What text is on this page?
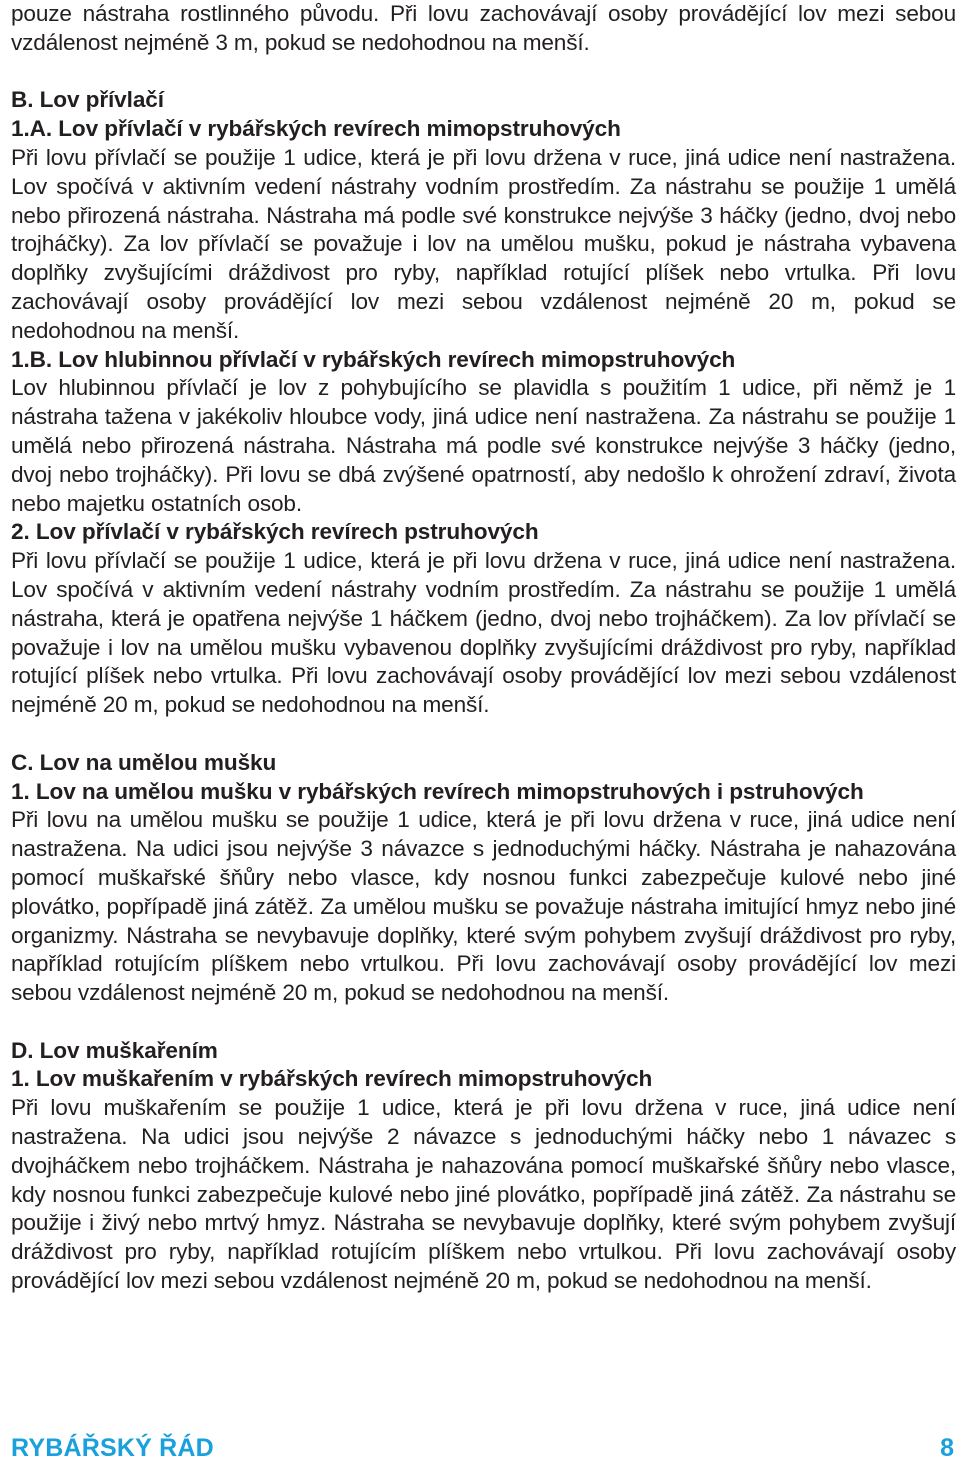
pouze nástraha rostlinného původu. Při lovu zachovávají osoby provádějící lov mezi sebou vzdálenost nejméně 3 m, pokud se nedohodnou na menší.

B. Lov přívlačí

1.A. Lov přívlačí v rybářských revírech mimopstruhových

Při lovu přívlačí se použije 1 udice, která je při lovu držena v ruce, jiná udice není nastražena. Lov spočívá v aktivním vedení nástrahy vodním prostředím. Za nástrahu se použije 1 umělá nebo přirozená nástraha. Nástraha má podle své konstrukce nejvýše 3 háčky (jedno, dvoj nebo trojháčky). Za lov přívlačí se považuje i lov na umělou mušku, pokud je nástraha vybavena doplňky zvyšujícími dráždivost pro ryby, například rotující plíšek nebo vrtulka. Při lovu zachovávají osoby provádějící lov mezi sebou vzdálenost nejméně 20 m, pokud se nedohodnou na menší.

1.B. Lov hlubinnou přívlačí v rybářských revírech mimopstruhových

Lov hlubinnou přívlačí je lov z pohybujícího se plavidla s použitím 1 udice, při němž je 1 nástraha tažena v jakékoliv hloubce vody, jiná udice není nastražena. Za nástrahu se použije 1 umělá nebo přirozená nástraha. Nástraha má podle své konstrukce nejvýše 3 háčky (jedno, dvoj nebo trojháčky). Při lovu se dbá zvýšené opatrností, aby nedošlo k ohrožení zdraví, života nebo majetku ostatních osob.

2. Lov přívlačí v rybářských revírech pstruhových

Při lovu přívlačí se použije 1 udice, která je při lovu držena v ruce, jiná udice není nastražena. Lov spočívá v aktivním vedení nástrahy vodním prostředím. Za nástrahu se použije 1 umělá nástraha, která je opatřena nejvýše 1 háčkem (jedno, dvoj nebo trojháčkem). Za lov přívlačí se považuje i lov na umělou mušku vybavenou doplňky zvyšujícími dráždivost pro ryby, například rotující plíšek nebo vrtulka. Při lovu zachovávají osoby provádějící lov mezi sebou vzdálenost nejméně 20 m, pokud se nedohodnou na menší.

C. Lov na umělou mušku

1. Lov na umělou mušku v rybářských revírech mimopstruhových i pstruhových

Při lovu na umělou mušku se použije 1 udice, která je při lovu držena v ruce, jiná udice není nastražena. Na udici jsou nejvýše 3 návazce s jednoduchými háčky. Nástraha je nahazována pomocí muškařské šňůry nebo vlasce, kdy nosnou funkci zabezpečuje kulové nebo jiné plovátko, popřípadě jiná zátěž. Za umělou mušku se považuje nástraha imitující hmyz nebo jiné organizmy. Nástraha se nevybavuje doplňky, které svým pohybem zvyšují dráždivost pro ryby, například rotujícím plíškem nebo vrtulkou. Při lovu zachovávají osoby provádějící lov mezi sebou vzdálenost nejméně 20 m, pokud se nedohodnou na menší.

D. Lov muškařením

1. Lov muškařením v rybářských revírech mimopstruhových

Při lovu muškařením se použije 1 udice, která je při lovu držena v ruce, jiná udice není nastražena. Na udici jsou nejvýše 2 návazce s jednoduchými háčky nebo 1 návazec s dvojháčkem nebo trojháčkem. Nástraha je nahazována pomocí muškařské šňůry nebo vlasce, kdy nosnou funkci zabezpečuje kulové nebo jiné plovátko, popřípadě jiná zátěž. Za nástrahu se použije i živý nebo mrtvý hmyz. Nástraha se nevybavuje doplňky, které svým pohybem zvyšují dráždivost pro ryby, například rotujícím plíškem nebo vrtulkou. Při lovu zachovávají osoby provádějící lov mezi sebou vzdálenost nejméně 20 m, pokud se nedohodnou na menší.

RYBÁŘSKÝ ŘÁD	8
